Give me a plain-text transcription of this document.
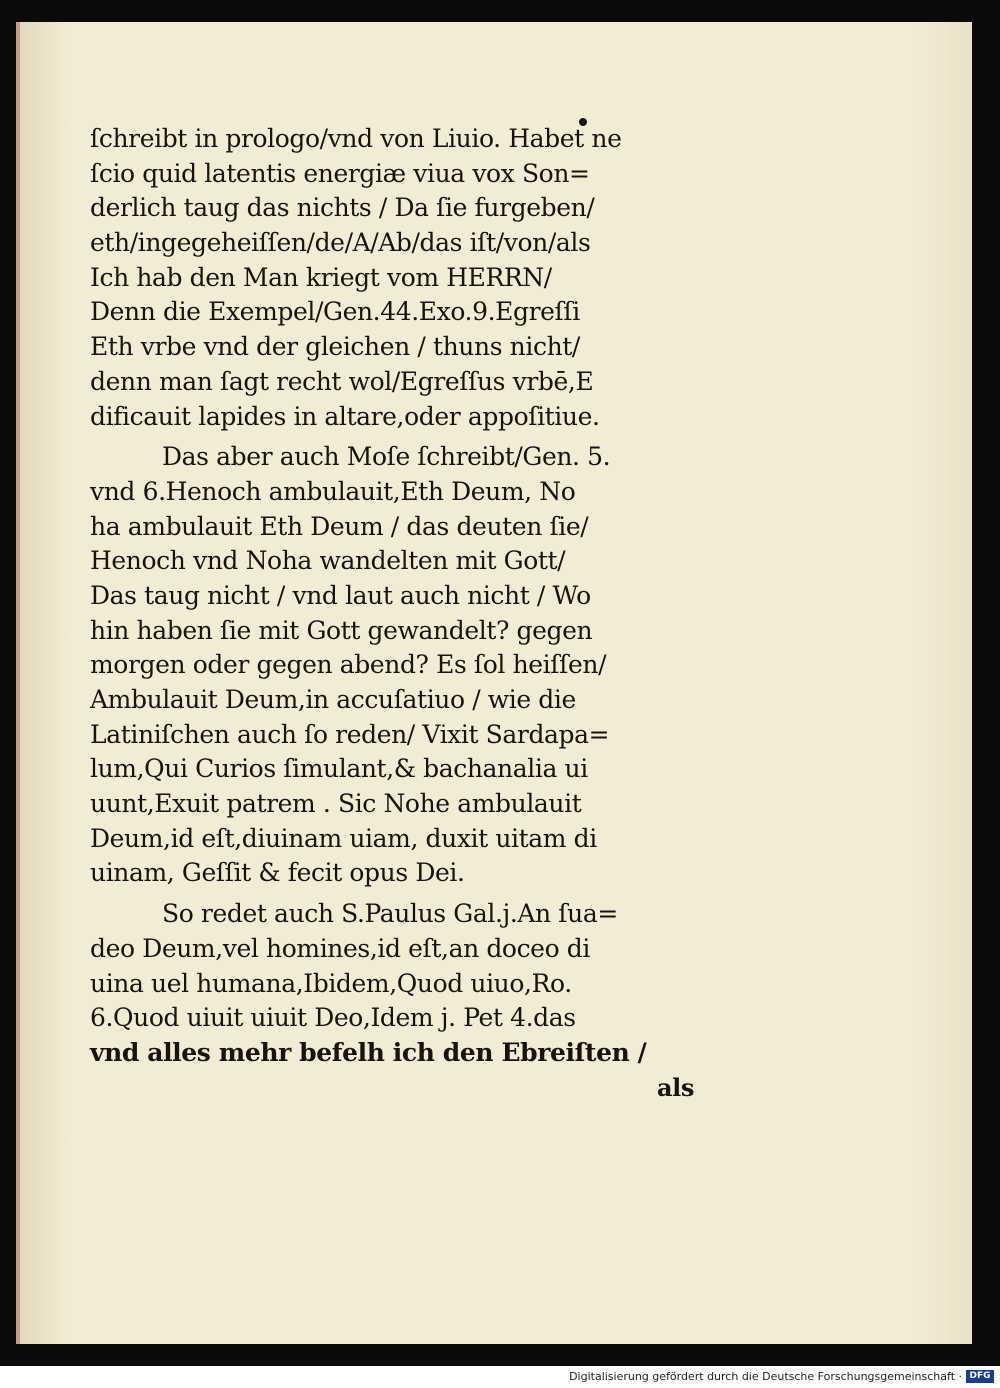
ſchreibt in prologo/vnd von Liuio. Habet ne
ſcio quid latentis energiæ viua vox Son=
derlich taug das nichts / Da ſie furgeben/
eth/ingegeheiſſen/de/A/Ab/das iſt/von/als
Ich hab den Man kriegt vom HERRN/
Denn die Exempel/Gen.44.Exo.9.Egreſſi
Eth vrbe vnd der gleichen / thuns nicht/
denn man ſagt recht wol/Egreſſus vrbē,E
dificauit lapides in altare,oder appoſitiue.
Das aber auch Moſe ſchreibt/Gen. 5.
vnd 6.Henoch ambulauit,Eth Deum, No
ha ambulauit Eth Deum / das deuten ſie/
Henoch vnd Noha wandelten mit Gott/
Das taug nicht / vnd laut auch nicht / Wo
hin haben ſie mit Gott gewandelt? gegen
morgen oder gegen abend? Es ſol heiſſen/
Ambulauit Deum,in accuſatiuo / wie die
Latiniſchen auch ſo reden/ Vixit Sardapa=
lum,Qui Curios ſimulant,& bachanalia ui
uunt,Exuit patrem . Sic Nohe ambulauit
Deum,id eſt,diuinam uiam, duxit uitam di
uinam, Geſſit & fecit opus Dei.
So redet auch S.Paulus Gal.j.An ſua=
deo Deum,vel homines,id eſt,an doceo di
uina uel humana,Ibidem,Quod uiuo,Ro.
6.Quod uiuit uiuit Deo,Idem j. Pet 4.das
vnd alles mehr befelh ich den Ebreiſten /
als
Digitalisierung gefördert durch die Deutsche Forschungsgemeinschaft · DFG
